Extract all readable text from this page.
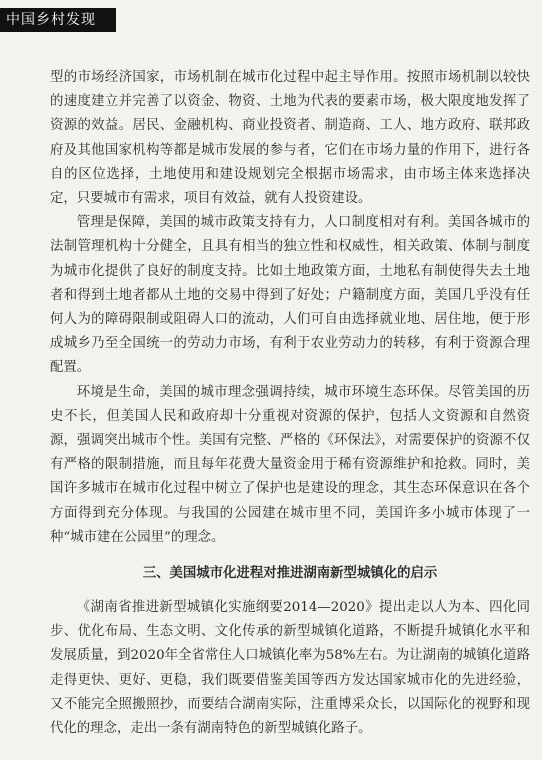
中国乡村发现

型的市场经济国家，市场机制在城市化过程中起主导作用。按照市场机制以较快的速度建立并完善了以资金、物资、土地为代表的要素市场，极大限度地发挥了资源的效益。居民、金融机构、商业投资者、制造商、工人、地方政府、联邦政府及其他国家机构等都是城市发展的参与者，它们在市场力量的作用下，进行各自的区位选择，土地使用和建设规划完全根据市场需求，由市场主体来选择决定，只要城市有需求，项目有效益，就有人投资建设。

管理是保障，美国的城市政策支持有力，人口制度相对有利。美国各城市的法制管理机构十分健全，且具有相当的独立性和权威性，相关政策、体制与制度为城市化提供了良好的制度支持。比如土地政策方面，土地私有制使得失去土地者和得到土地者都从土地的交易中得到了好处；户籍制度方面，美国几乎没有任何人为的障碍限制或阻碍人口的流动，人们可自由选择就业地、居住地，便于形成城乡乃至全国统一的劳动力市场，有利于农业劳动力的转移，有利于资源合理配置。

环境是生命，美国的城市理念强调持续，城市环境生态环保。尽管美国的历史不长，但美国人民和政府却十分重视对资源的保护，包括人文资源和自然资源，强调突出城市个性。美国有完整、严格的《环保法》，对需要保护的资源不仅有严格的限制措施，而且每年花费大量资金用于稀有资源维护和抢救。同时，美国许多城市在城市化过程中树立了保护也是建设的理念，其生态环保意识在各个方面得到充分体现。与我国的公园建在城市里不同，美国许多小城市体现了一种“城市建在公园里”的理念。

三、美国城市化进程对推进湖南新型城镇化的启示

《湖南省推进新型城镇化实施纲要2014—2020》提出走以人为本、四化同步、优化布局、生态文明、文化传承的新型城镇化道路，不断提升城镇化水平和发展质量，到2020年全省常住人口城镇化率为58%左右。为让湖南的城镇化道路走得更快、更好、更稳，我们既要借鉴美国等西方发达国家城市化的先进经验，又不能完全照搬照抄，而要结合湖南实际，注重博采众长，以国际化的视野和现代化的理念，走出一条有湖南特色的新型城镇化路子。
